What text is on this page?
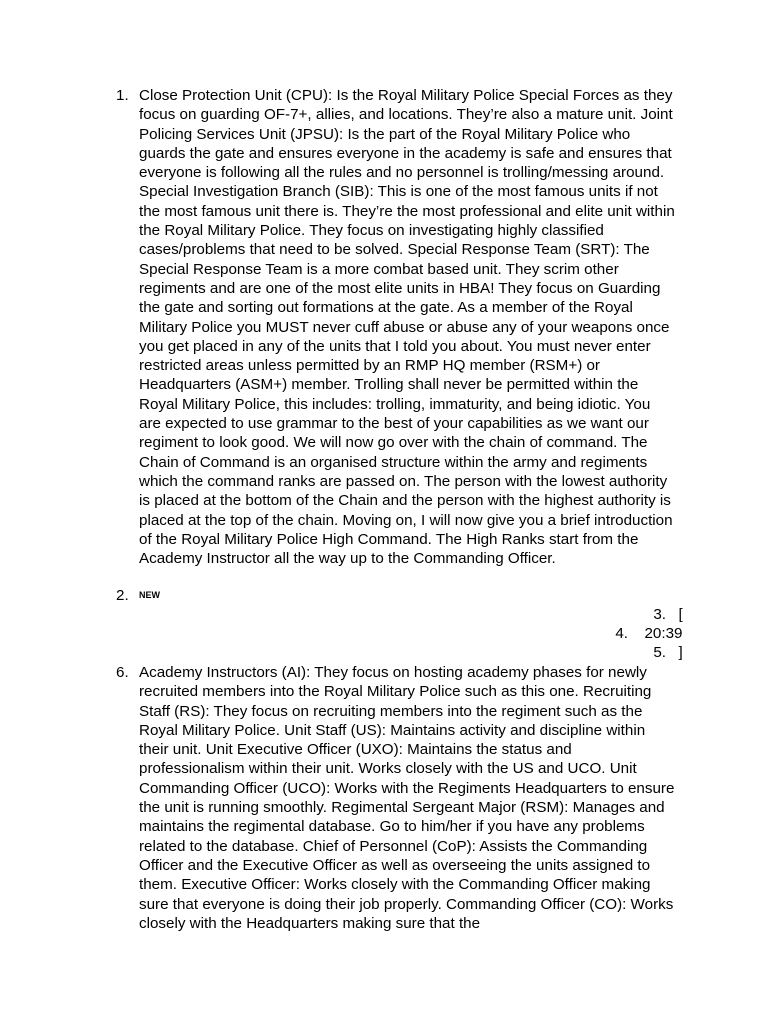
1. Close Protection Unit (CPU): Is the Royal Military Police Special Forces as they focus on guarding OF-7+, allies, and locations. They’re also a mature unit. Joint Policing Services Unit (JPSU): Is the part of the Royal Military Police who guards the gate and ensures everyone in the academy is safe and ensures that everyone is following all the rules and no personnel is trolling/messing around. Special Investigation Branch (SIB): This is one of the most famous units if not the most famous unit there is. They’re the most professional and elite unit within the Royal Military Police. They focus on investigating highly classified cases/problems that need to be solved. Special Response Team (SRT): The Special Response Team is a more combat based unit. They scrim other regiments and are one of the most elite units in HBA! They focus on Guarding the gate and sorting out formations at the gate. As a member of the Royal Military Police you MUST never cuff abuse or abuse any of your weapons once you get placed in any of the units that I told you about. You must never enter restricted areas unless permitted by an RMP HQ member (RSM+) or Headquarters (ASM+) member. Trolling shall never be permitted within the Royal Military Police, this includes: trolling, immaturity, and being idiotic. You are expected to use grammar to the best of your capabilities as we want our regiment to look good. We will now go over with the chain of command. The Chain of Command is an organised structure within the army and regiments which the command ranks are passed on. The person with the lowest authority is placed at the bottom of the Chain and the person with the highest authority is placed at the top of the chain. Moving on, I will now give you a brief introduction of the Royal Military Police High Command. The High Ranks start from the Academy Instructor all the way up to the Commanding Officer.
2. NEW
3. [
4. 20:39
5. ]
6. Academy Instructors (AI): They focus on hosting academy phases for newly recruited members into the Royal Military Police such as this one. Recruiting Staff (RS): They focus on recruiting members into the regiment such as the Royal Military Police. Unit Staff (US): Maintains activity and discipline within their unit. Unit Executive Officer (UXO): Maintains the status and professionalism within their unit. Works closely with the US and UCO. Unit Commanding Officer (UCO): Works with the Regiments Headquarters to ensure the unit is running smoothly. Regimental Sergeant Major (RSM): Manages and maintains the regimental database. Go to him/her if you have any problems related to the database. Chief of Personnel (CoP): Assists the Commanding Officer and the Executive Officer as well as overseeing the units assigned to them. Executive Officer: Works closely with the Commanding Officer making sure that everyone is doing their job properly. Commanding Officer (CO): Works closely with the Headquarters making sure that the
